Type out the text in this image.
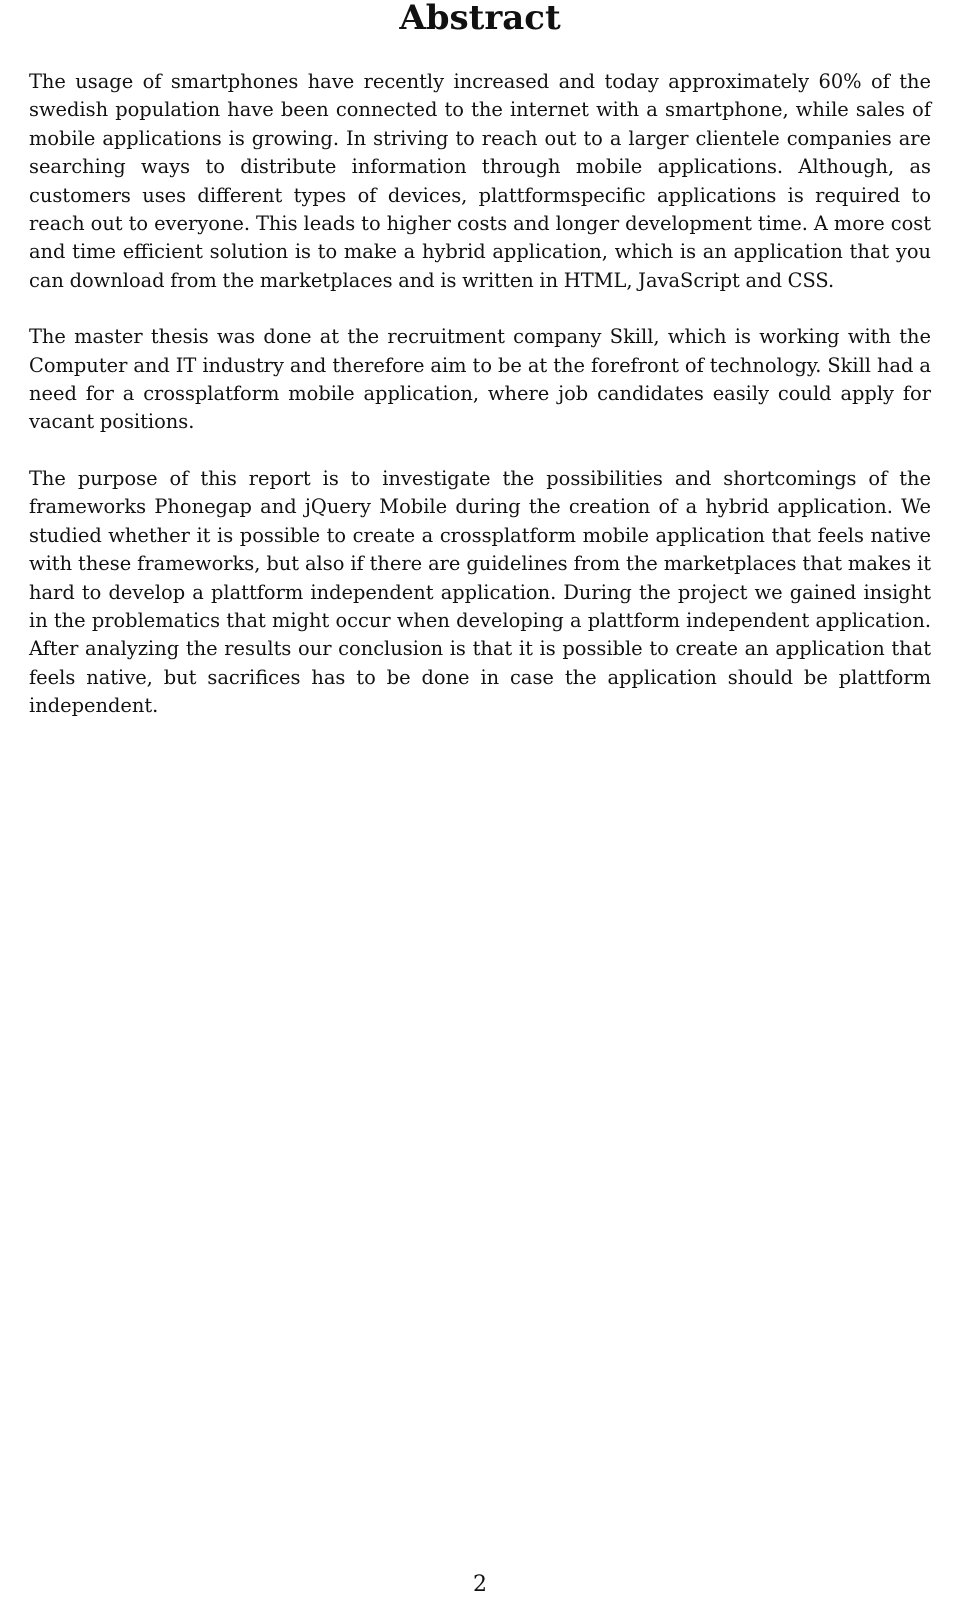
Abstract

The usage of smartphones have recently increased and today approximately 60% of the swedish population have been connected to the internet with a smartphone, while sales of mobile applications is growing. In striving to reach out to a larger clientele companies are searching ways to distribute information through mobile applications. Although, as customers uses different types of devices, plattformspecific applications is required to reach out to everyone. This leads to higher costs and longer development time. A more cost and time efficient solution is to make a hybrid application, which is an application that you can download from the marketplaces and is written in HTML, JavaScript and CSS.

The master thesis was done at the recruitment company Skill, which is working with the Computer and IT industry and therefore aim to be at the forefront of technology. Skill had a need for a crossplatform mobile application, where job candidates easily could apply for vacant positions.

The purpose of this report is to investigate the possibilities and shortcomings of the frameworks Phonegap and jQuery Mobile during the creation of a hybrid application. We studied whether it is possible to create a crossplatform mobile application that feels native with these frameworks, but also if there are guidelines from the marketplaces that makes it hard to develop a plattform independent application. During the project we gained insight in the problematics that might occur when developing a plattform independent application. After analyzing the results our conclusion is that it is possible to create an application that feels native, but sacrifices has to be done in case the application should be plattform independent.

2
